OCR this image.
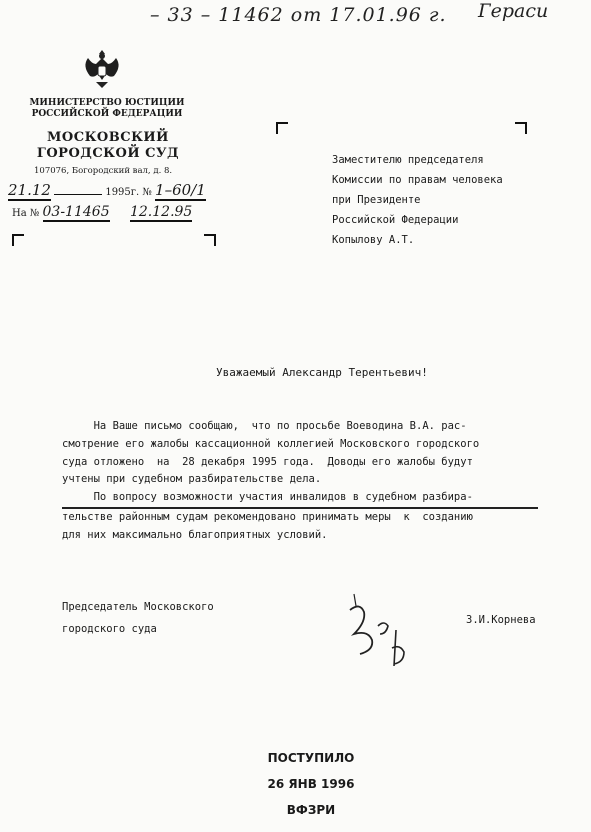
– 33 – 11462 от 17.01.96 г. Гераси
МИНИСТЕРСТВО ЮСТИЦИИ
РОССИЙСКОЙ ФЕДЕРАЦИИ
МОСКОВСКИЙ
ГОРОДСКОЙ СУД
107076, Богородский вал, д. 8.
21.12	1995г. № 1–60/1
На № 03-11465 12.12.95
Заместителю председателя
Комиссии по правам человека
при Президенте
Российской Федерации
Копылову А.Т.
Уважаемый Александр Терентьевич!
На Ваше письмо сообщаю,  что по просьбе Воеводина В.А. рас-
смотрение его жалобы кассационной коллегией Московского городского
суда отложено  на  28 декабря 1995 года.  Доводы его жалобы будут
учтены при судебном разбирательстве дела.
По вопросу возможности участия инвалидов в судебном разбира-
тельстве районным судам рекомендовано принимать меры  к  созданию
для них максимально благоприятных условий.
Председатель Московского
городского суда
З.И.Корнева
ПОСТУПИЛО
26 ЯНВ 1996
ВФЗРИ
